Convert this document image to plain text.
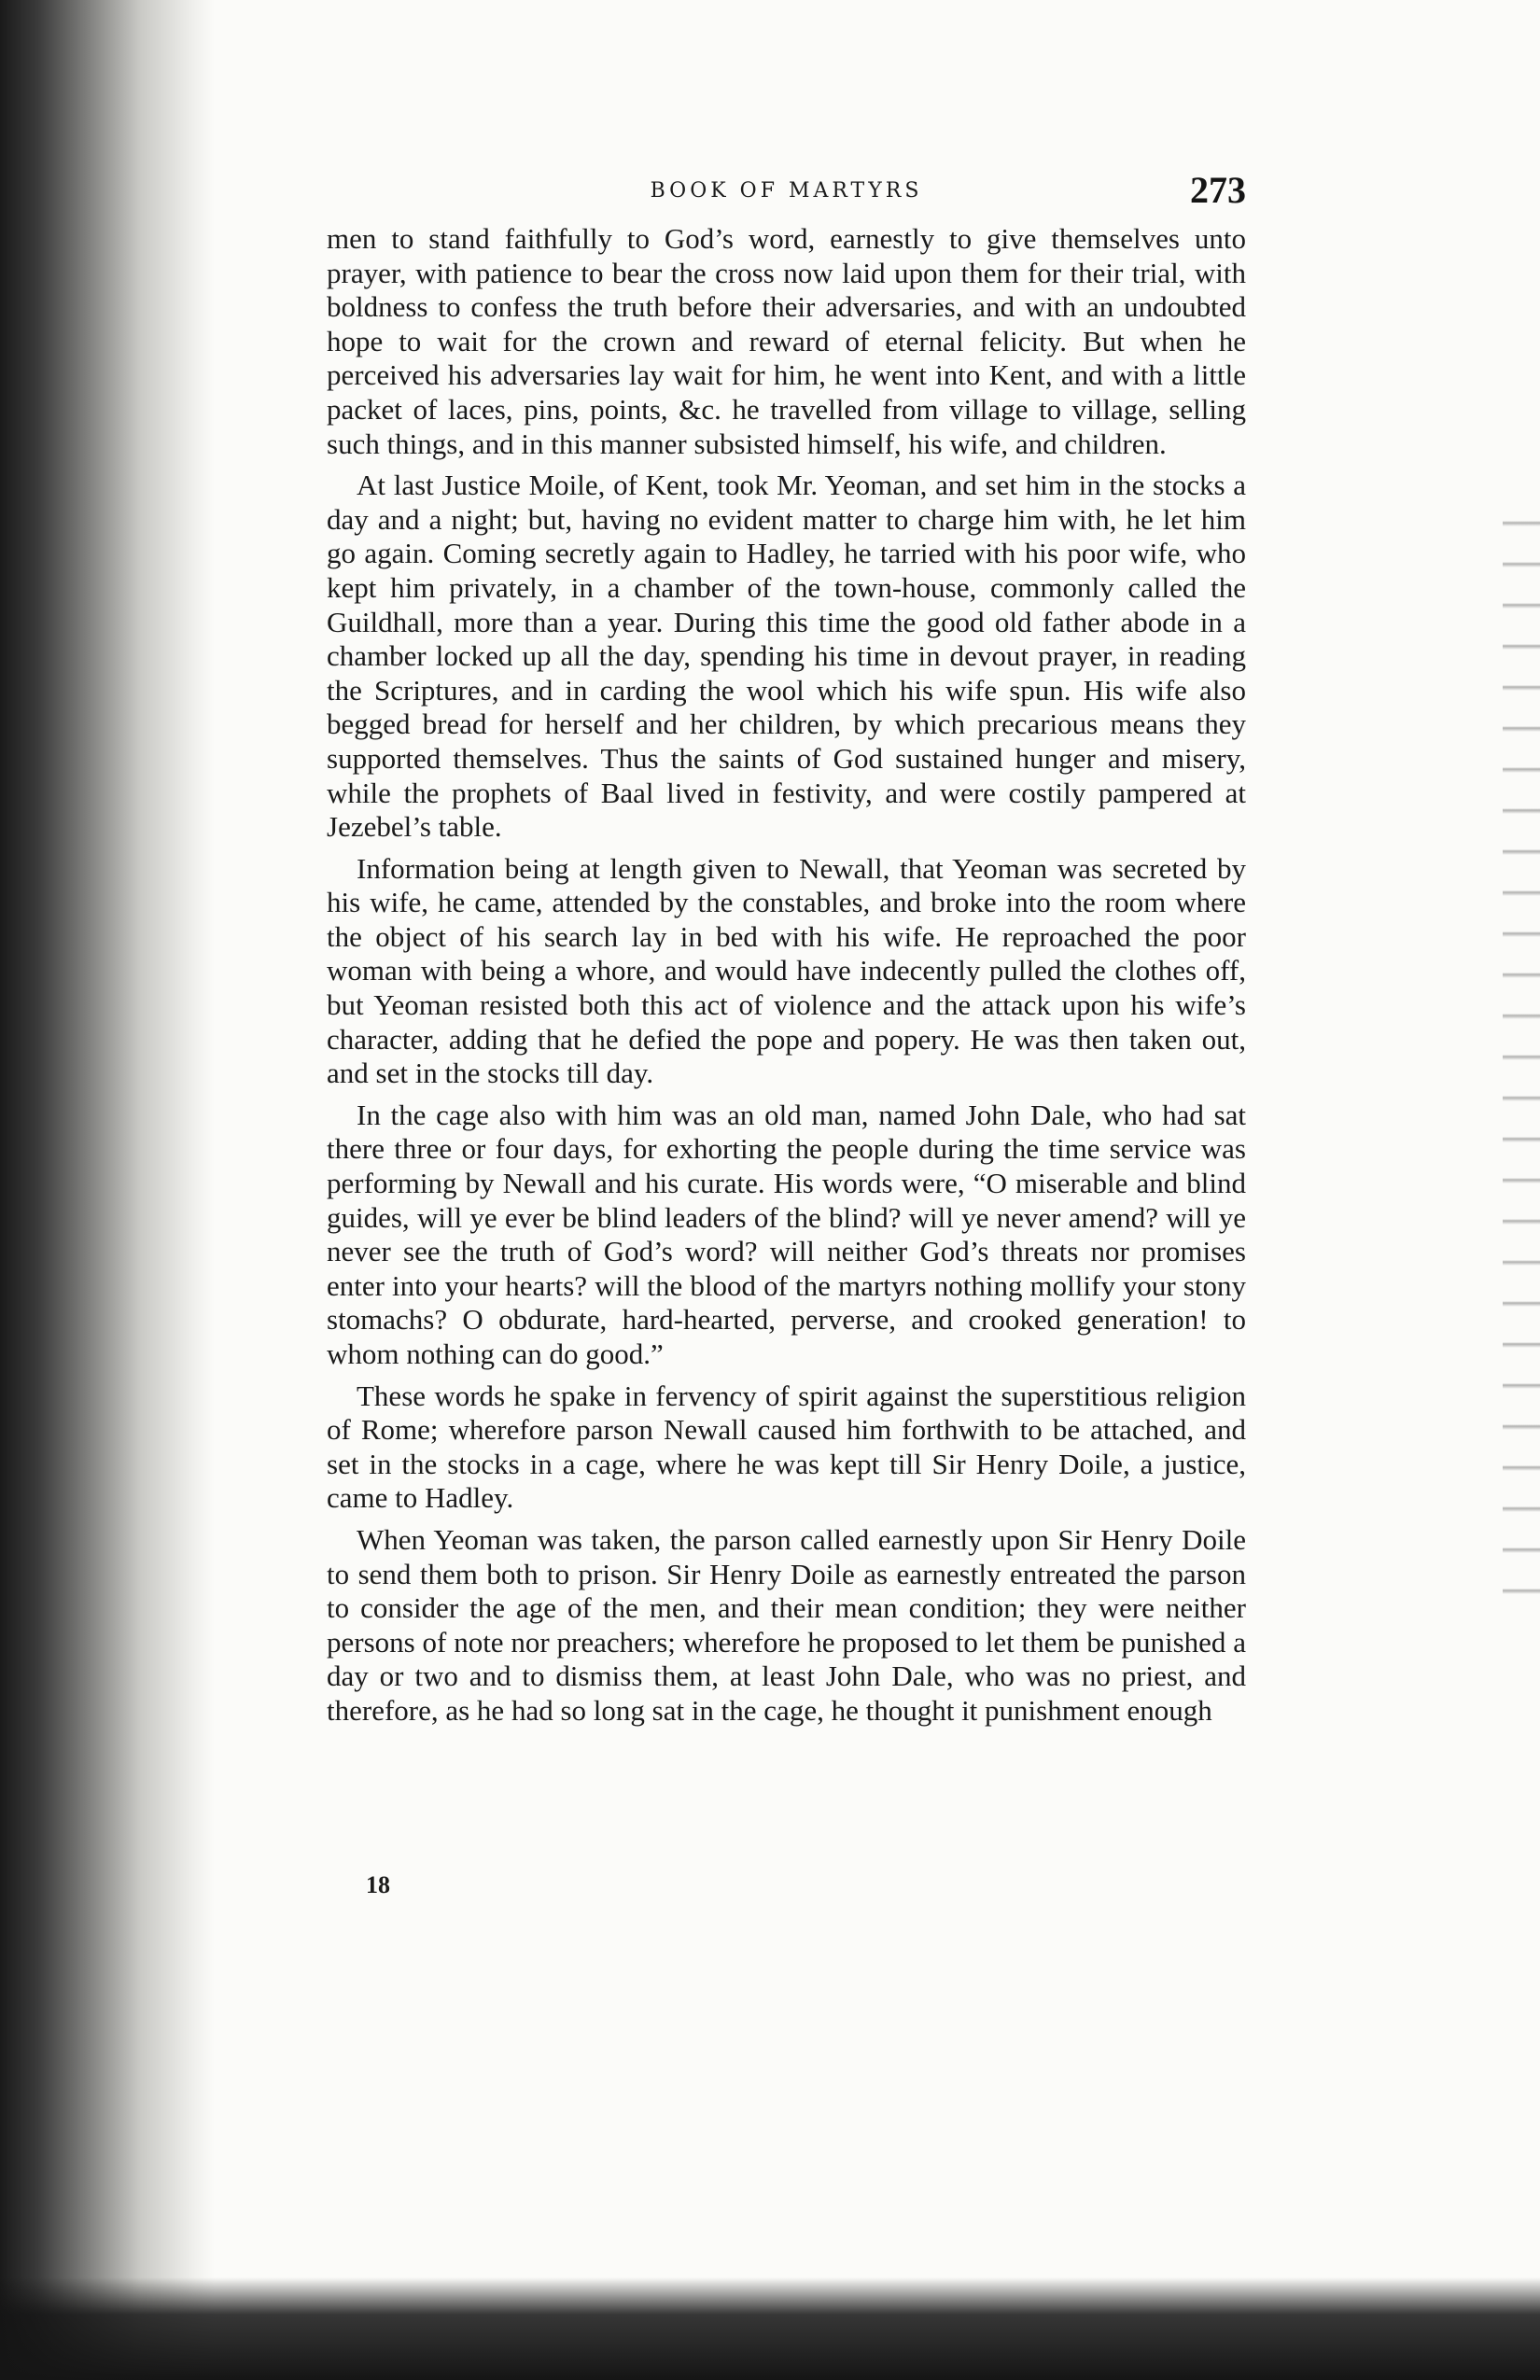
BOOK OF MARTYRS	273

men to stand faithfully to God’s word, earnestly to give themselves unto prayer, with patience to bear the cross now laid upon them for their trial, with boldness to confess the truth before their adversaries, and with an undoubted hope to wait for the crown and reward of eternal felicity. But when he perceived his adversaries lay wait for him, he went into Kent, and with a little packet of laces, pins, points, &c. he travelled from village to village, selling such things, and in this manner subsisted himself, his wife, and children.

At last Justice Moile, of Kent, took Mr. Yeoman, and set him in the stocks a day and a night; but, having no evident matter to charge him with, he let him go again. Coming secretly again to Hadley, he tarried with his poor wife, who kept him privately, in a chamber of the town-house, commonly called the Guildhall, more than a year. During this time the good old father abode in a chamber locked up all the day, spending his time in devout prayer, in reading the Scriptures, and in carding the wool which his wife spun. His wife also begged bread for herself and her children, by which precarious means they supported themselves. Thus the saints of God sustained hunger and misery, while the prophets of Baal lived in festivity, and were costily pampered at Jezebel’s table.

Information being at length given to Newall, that Yeoman was secreted by his wife, he came, attended by the constables, and broke into the room where the object of his search lay in bed with his wife. He reproached the poor woman with being a whore, and would have indecently pulled the clothes off, but Yeoman resisted both this act of violence and the attack upon his wife’s character, adding that he defied the pope and popery. He was then taken out, and set in the stocks till day.

In the cage also with him was an old man, named John Dale, who had sat there three or four days, for exhorting the people during the time service was performing by Newall and his curate. His words were, “O miserable and blind guides, will ye ever be blind leaders of the blind? will ye never amend? will ye never see the truth of God’s word? will neither God’s threats nor promises enter into your hearts? will the blood of the martyrs nothing mollify your stony stomachs? O obdurate, hard-hearted, perverse, and crooked generation! to whom nothing can do good.”

These words he spake in fervency of spirit against the superstitious religion of Rome; wherefore parson Newall caused him forthwith to be attached, and set in the stocks in a cage, where he was kept till Sir Henry Doile, a justice, came to Hadley.

When Yeoman was taken, the parson called earnestly upon Sir Henry Doile to send them both to prison. Sir Henry Doile as earnestly entreated the parson to consider the age of the men, and their mean condition; they were neither persons of note nor preachers; wherefore he proposed to let them be punished a day or two and to dismiss them, at least John Dale, who was no priest, and therefore, as he had so long sat in the cage, he thought it punishment enough

18
